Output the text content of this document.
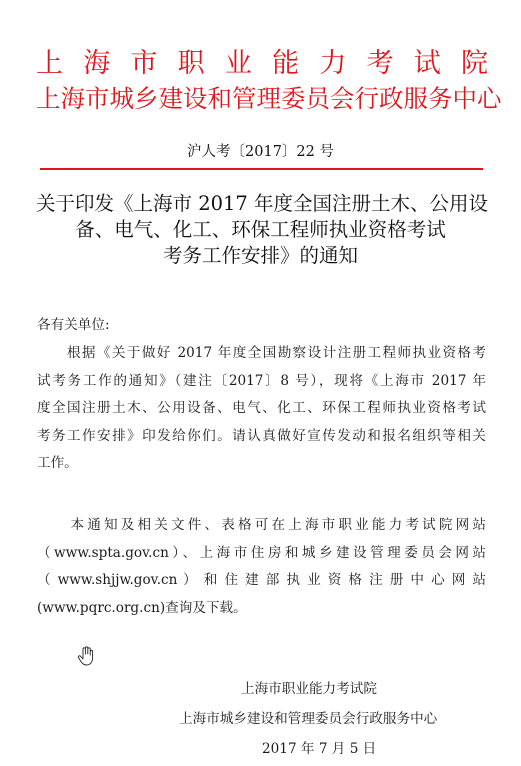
上 海 市 职 业 能 力 考 试 院
上海市城乡建设和管理委员会行政服务中心
沪人考〔2017〕22 号
关于印发《上海市 2017 年度全国注册土木、公用设
备、电气、化工、环保工程师执业资格考试
考务工作安排》的通知
各有关单位:
　　根据《关于做好 2017 年度全国勘察设计注册工程师执业资格考
试考务工作的通知》（建注〔2017〕8 号），现将《上海市 2017 年
度全国注册土木、公用设备、电气、化工、环保工程师执业资格考试
考务工作安排》印发给你们。请认真做好宣传发动和报名组织等相关
工作。
　　本通知及相关文件、表格可在上海市职业能力考试院网站
（www.spta.gov.cn）、上海市住房和城乡建设管理委员会网站
（ www.shjjw.gov.cn ） 和 住 建 部 执 业 资 格 注 册 中 心 网 站
(www.pqrc.org.cn)查询及下载。
上海市职业能力考试院
上海市城乡建设和管理委员会行政服务中心
2017 年 7 月 5 日
